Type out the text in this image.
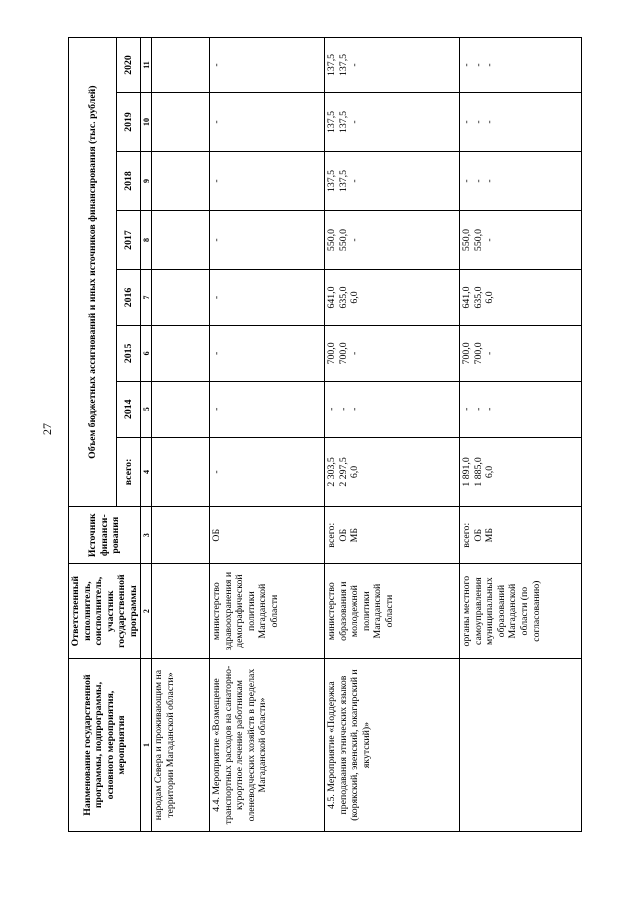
27
Наименование государственной программы, подпрограммы, основного мероприятия, мероприятия	Ответственный исполнитель, соисполнитель, участник государственной программы	Источник финанси-рования	Объем бюджетных ассигнований и иных источников финансирования (тыс. рублей)							
			всего:	2014	2015	2016	2017	2018	2019	2020
1	2	3	4	5	6	7	8	9	10	11
народам Севера и проживающим на территории Магаданской области»		

4.4. Мероприятие «Возмещение транспортных расходов на санаторно-курортное лечение работникам оленеводческих хозяйств в пределах Магаданской области»	министерство здравоохранения и демографической политики Магаданской области	ОБ	-	-	-	-	-	-	-	-

4.5. Мероприятие «Поддержка преподавания этнических языков (корякский, эвенский, юкагирский и якутский)»	министерство образования и молодежной политики Магаданской области	всего: ОБ МБ	2 303,5 2 297,5 6,0	- - -	700,0 700,0 -	641,0 635,0 6,0	550,0 550,0 -	137,5 137,5 -	137,5 137,5 -	137,5 137,5 -

	органы местного самоуправления муниципальных образований Магаданской области (по согласованию)	всего: ОБ МБ	1 891,0 1 885,0 6,0	- - -	700,0 700,0 -	641,0 635,0 6,0	550,0 550,0 -	- - -	- - -	- - -
